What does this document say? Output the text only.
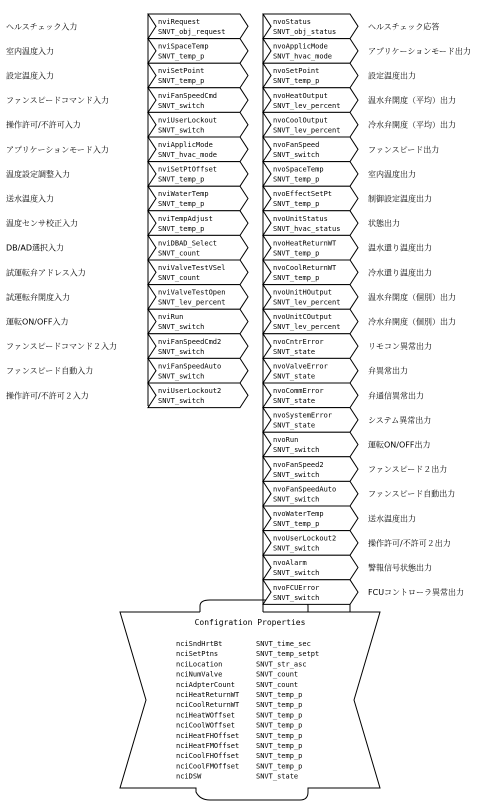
nviRequest
SNVT_obj_request
ヘルスチェック入力
nviSpaceTemp
SNVT_temp_p
室内温度入力
nviSetPoint
SNVT_temp_p
設定温度入力
nviFanSpeedCmd
SNVT_switch
ファンスピードコマンド入力
nviUserLockout
SNVT_switch
操作許可/不許可入力
nviApplicMode
SNVT_hvac_mode
アプリケーションモード入力
nviSetPtOffset
SNVT_temp_p
温度設定調整入力
nviWaterTemp
SNVT_temp_p
送水温度入力
nviTempAdjust
SNVT_temp_p
温度センサ校正入力
nviDBAD_Select
SNVT_count
DB/AD選択入力
nviValveTestVSel
SNVT_count
試運転弁アドレス入力
nviValveTestOpen
SNVT_lev_percent
試運転弁開度入力
nviRun
SNVT_switch
運転ON/OFF入力
nviFanSpeedCmd2
SNVT_switch
ファンスピードコマンド２入力
nviFanSpeedAuto
SNVT_switch
ファンスピード自動入力
nviUserLockout2
SNVT_switch
操作許可/不許可２入力
nvoStatus
SNVT_obj_status
ヘルスチェック応答
nvoApplicMode
SNVT_hvac_mode
アプリケーションモード出力
nvoSetPoint
SNVT_temp_p
設定温度出力
nvoHeatOutput
SNVT_lev_percent
温水弁開度（平均）出力
nvoCoolOutput
SNVT_lev_percent
冷水弁開度（平均）出力
nvoFanSpeed
SNVT_switch
ファンスピード出力
nvoSpaceTemp
SNVT_temp_p
室内温度出力
nvoEffectSetPt
SNVT_temp_p
制御設定温度出力
nvoUnitStatus
SNVT_hvac_status
状態出力
nvoHeatReturnWT
SNVT_temp_p
温水還り温度出力
nvoCoolReturnWT
SNVT_temp_p
冷水還り温度出力
nvoUnitHOutput
SNVT_lev_percent
温水弁開度（個別）出力
nvoUnitCOutput
SNVT_lev_percent
冷水弁開度（個別）出力
nvoCntrError
SNVT_state
リモコン異常出力
nvoValveError
SNVT_state
弁異常出力
nvoCommError
SNVT_state
弁通信異常出力
nvoSystemError
SNVT_state
システム異常出力
nvoRun
SNVT_switch
運転ON/OFF出力
nvoFanSpeed2
SNVT_switch
ファンスピード２出力
nvoFanSpeedAuto
SNVT_switch
ファンスピード自動出力
nvoWaterTemp
SNVT_temp_p
送水温度出力
nvoUserLockout2
SNVT_switch
操作許可/不許可２出力
nvoAlarm
SNVT_switch
警報信号状態出力
nvoFCUError
SNVT_switch
FCUコントローラ異常出力
Configration Properties
nciSndHrtBt	SNVT_time_sec
nciSetPtns	SNVT_temp_setpt
nciLocation	SNVT_str_asc
nciNumValve	SNVT_count
nciAdpterCount	SNVT_count
nciHeatReturnWT SNVT_temp_p
nciCoolReturnWT SNVT_temp_p
nciHeatWOffset	SNVT_temp_p
nciCoolWOffset	SNVT_temp_p
nciHeatFHOffset SNVT_temp_p
nciHeatFMOffset SNVT_temp_p
nciCoolFHOffset SNVT_temp_p
nciCoolFMOffset SNVT_temp_p
nciDSW	SNVT_state
